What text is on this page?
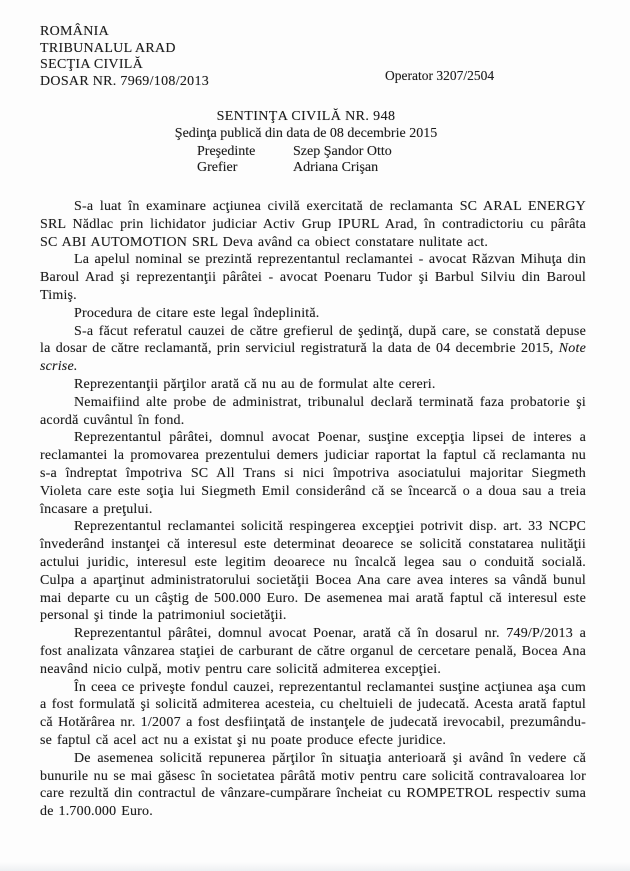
ROMÂNIA
TRIBUNALUL ARAD
SECŢIA CIVILĂ
DOSAR NR. 7969/108/2013	Operator 3207/2504
SENTINŢA CIVILĂ NR. 948
Şedinţa publică din data de 08 decembrie 2015
Preşedinte	Szep Şandor Otto
Grefier	Adriana Crişan

S-a luat în examinare acţiunea civilă exercitată de reclamanta SC ARAL ENERGY SRL Nădlac prin lichidator judiciar Activ Grup IPURL Arad, în contradictoriu cu pârâta SC ABI AUTOMOTION SRL Deva având ca obiect constatare nulitate act.

La apelul nominal se prezintă reprezentantul reclamantei - avocat Răzvan Mihuţa din Baroul Arad şi reprezentanţii pârâtei - avocat Poenaru Tudor şi Barbul Silviu din Baroul Timiş.

Procedura de citare este legal îndeplinită.

S-a făcut referatul cauzei de către grefierul de şedinţă, după care, se constată depuse la dosar de către reclamantă, prin serviciul registratură la data de 04 decembrie 2015, Note scrise.

Reprezentanţii părţilor arată că nu au de formulat alte cereri.

Nemaifiind alte probe de administrat, tribunalul declară terminată faza probatorie şi acordă cuvântul în fond.

Reprezentantul pârâtei, domnul avocat Poenar, susţine excepţia lipsei de interes a reclamantei la promovarea prezentului demers judiciar raportat la faptul că reclamanta nu s-a îndreptat împotriva SC All Trans si nici împotriva asociatului majoritar Siegmeth Violeta care este soţia lui Siegmeth Emil considerând că se încearcă o a doua sau a treia încasare a preţului.

Reprezentantul reclamantei solicită respingerea excepţiei potrivit disp. art. 33 NCPC învederând instanţei că interesul este determinat deoarece se solicită constatarea nulităţii actului juridic, interesul este legitim deoarece nu încalcă legea sau o conduită socială. Culpa a aparţinut administratorului societăţii Bocea Ana care avea interes sa vândă bunul mai departe cu un câştig de 500.000 Euro. De asemenea mai arată faptul că interesul este personal şi tinde la patrimoniul societăţii.

Reprezentantul pârâtei, domnul avocat Poenar, arată că în dosarul nr. 749/P/2013 a fost analizata vânzarea staţiei de carburant de către organul de cercetare penală, Bocea Ana neavând nicio culpă, motiv pentru care solicită admiterea excepţiei.

În ceea ce priveşte fondul cauzei, reprezentantul reclamantei susţine acţiunea aşa cum a fost formulată şi solicită admiterea acesteia, cu cheltuieli de judecată. Acesta arată faptul că Hotărârea nr. 1/2007 a fost desfiinţată de instanţele de judecată irevocabil, prezumându-se faptul că acel act nu a existat şi nu poate produce efecte juridice.

De asemenea solicită repunerea părţilor în situaţia anterioară şi având în vedere că bunurile nu se mai găsesc în societatea pârâtă motiv pentru care solicită contravaloarea lor care rezultă din contractul de vânzare-cumpărare încheiat cu ROMPETROL respectiv suma de 1.700.000 Euro.
